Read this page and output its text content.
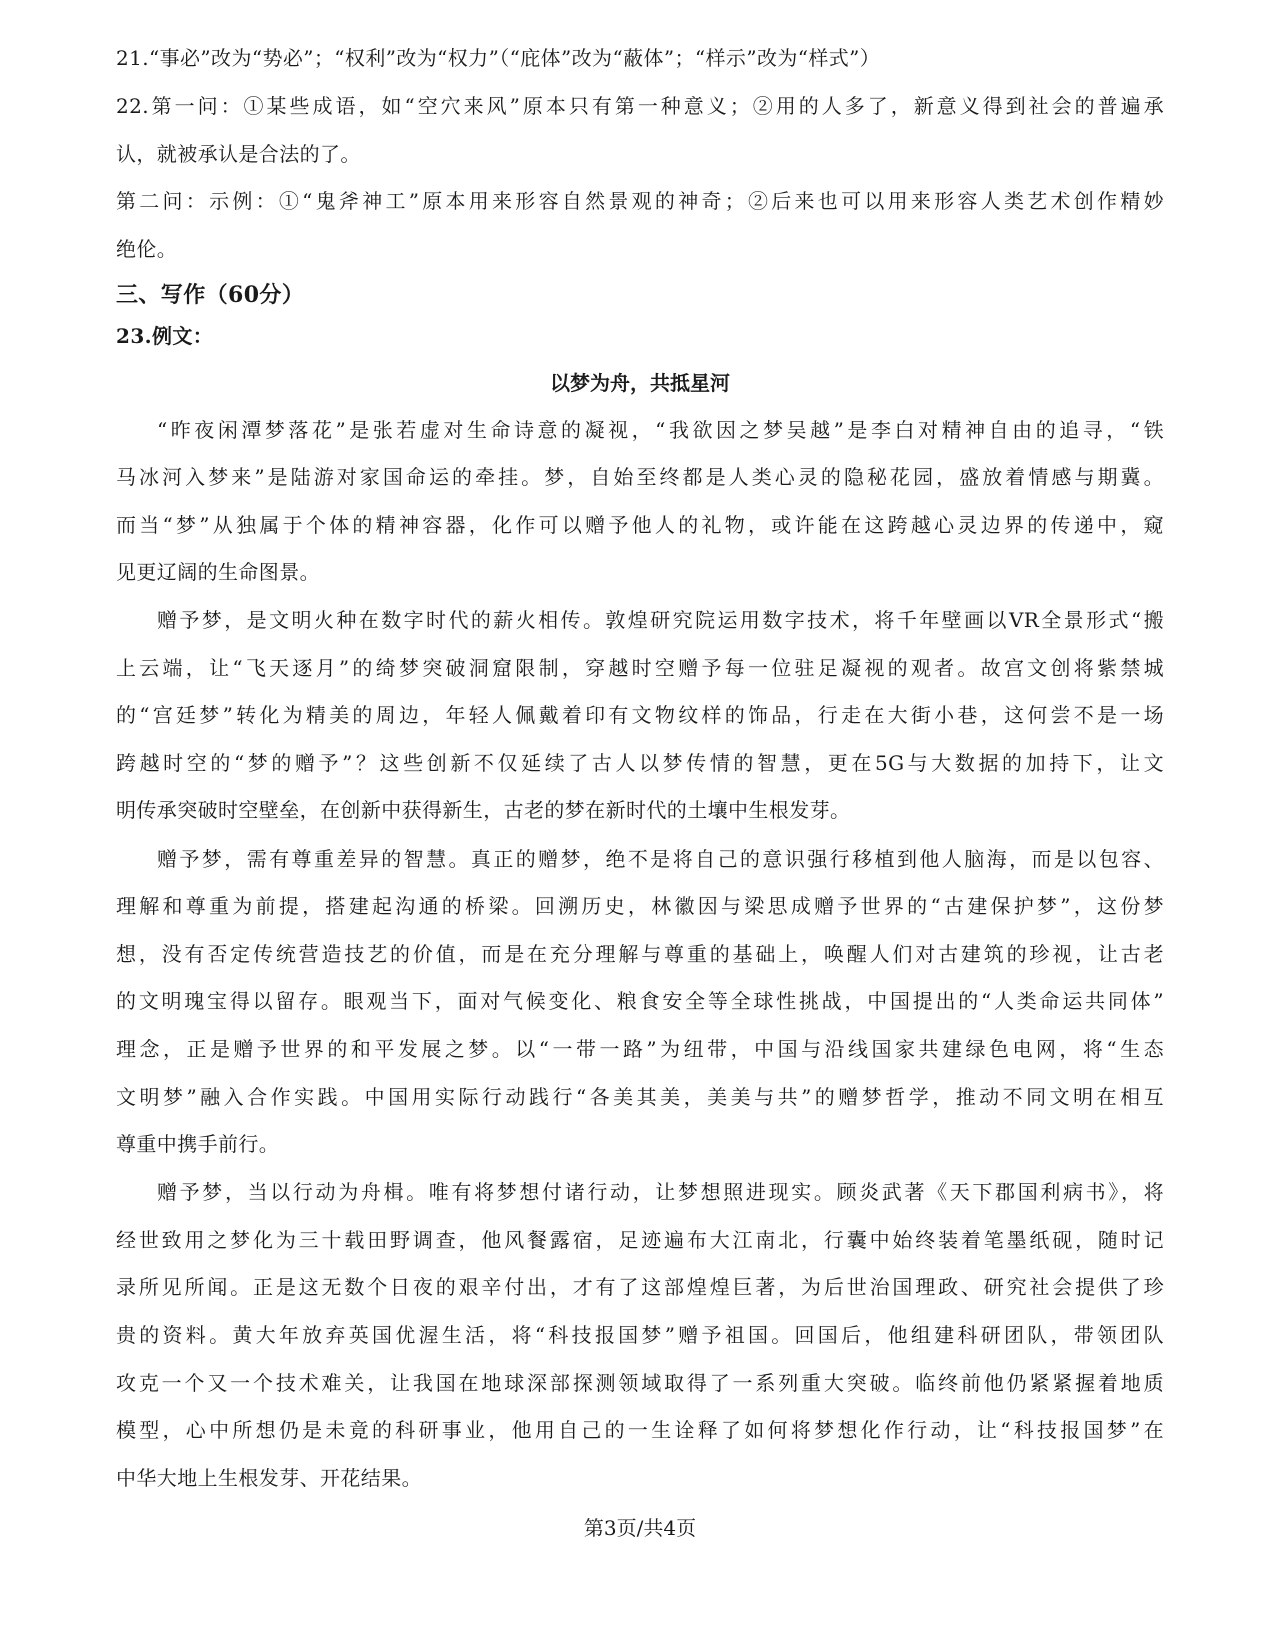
21.“事必”改为“势必”；“权利”改为“权力”（“庇体”改为“蔽体”；“样示”改为“样式”）
22.第一问：①某些成语，如“空穴来风”原本只有第一种意义；②用的人多了，新意义得到社会的普遍承
认，就被承认是合法的了。
第二问：示例：①“鬼斧神工”原本用来形容自然景观的神奇；②后来也可以用来形容人类艺术创作精妙
绝伦。
三、写作（60分）
23.例文：
以梦为舟，共抵星河
“昨夜闲潭梦落花”是张若虚对生命诗意的凝视，“我欲因之梦吴越”是李白对精神自由的追寻，“铁
马冰河入梦来”是陆游对家国命运的牵挂。梦，自始至终都是人类心灵的隐秘花园，盛放着情感与期冀。
而当“梦”从独属于个体的精神容器，化作可以赠予他人的礼物，或许能在这跨越心灵边界的传递中，窥
见更辽阔的生命图景。
赠予梦，是文明火种在数字时代的薪火相传。敦煌研究院运用数字技术，将千年壁画以VR全景形式“搬
上云端，让“飞天逐月”的绮梦突破洞窟限制，穿越时空赠予每一位驻足凝视的观者。故宫文创将紫禁城
的“宫廷梦”转化为精美的周边，年轻人佩戴着印有文物纹样的饰品，行走在大街小巷，这何尝不是一场
跨越时空的“梦的赠予”？这些创新不仅延续了古人以梦传情的智慧，更在5G与大数据的加持下，让文
明传承突破时空壁垒，在创新中获得新生，古老的梦在新时代的土壤中生根发芽。
赠予梦，需有尊重差异的智慧。真正的赠梦，绝不是将自己的意识强行移植到他人脑海，而是以包容、
理解和尊重为前提，搭建起沟通的桥梁。回溯历史，林徽因与梁思成赠予世界的“古建保护梦”，这份梦
想，没有否定传统营造技艺的价值，而是在充分理解与尊重的基础上，唤醒人们对古建筑的珍视，让古老
的文明瑰宝得以留存。眼观当下，面对气候变化、粮食安全等全球性挑战，中国提出的“人类命运共同体”
理念，正是赠予世界的和平发展之梦。以“一带一路”为纽带，中国与沿线国家共建绿色电网，将“生态
文明梦”融入合作实践。中国用实际行动践行“各美其美，美美与共”的赠梦哲学，推动不同文明在相互
尊重中携手前行。
赠予梦，当以行动为舟楫。唯有将梦想付诸行动，让梦想照进现实。顾炎武著《天下郡国利病书》，将
经世致用之梦化为三十载田野调查，他风餐露宿，足迹遍布大江南北，行囊中始终装着笔墨纸砚，随时记
录所见所闻。正是这无数个日夜的艰辛付出，才有了这部煌煌巨著，为后世治国理政、研究社会提供了珍
贵的资料。黄大年放弃英国优渥生活，将“科技报国梦”赠予祖国。回国后，他组建科研团队，带领团队
攻克一个又一个技术难关，让我国在地球深部探测领域取得了一系列重大突破。临终前他仍紧紧握着地质
模型，心中所想仍是未竟的科研事业，他用自己的一生诠释了如何将梦想化作行动，让“科技报国梦”在
中华大地上生根发芽、开花结果。
第3页/共4页
